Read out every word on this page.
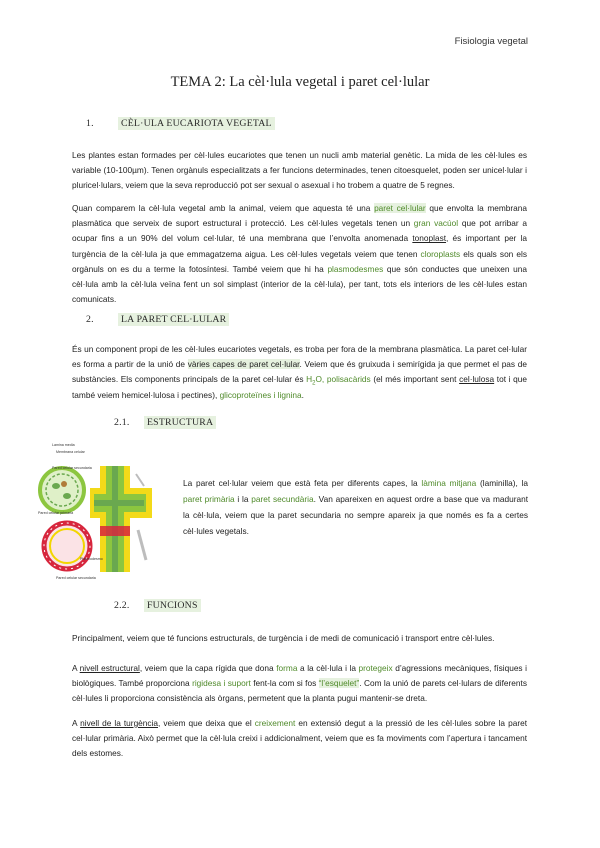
Fisiologia vegetal
TEMA 2: La cèl·lula vegetal i paret cel·lular
1.	CÈL·ULA EUCARIOTA VEGETAL

Les plantes estan formades per cèl·lules eucariotes que tenen un nucli amb material genètic. La mida de les cèl·lules es variable (10-100µm). Tenen orgànuls especialitzats a fer funcions determinades, tenen citoesquelet, poden ser unicel·lular i pluricel·lulars, veiem que la seva reproducció pot ser sexual o asexual i ho trobem a quatre de 5 regnes.

Quan comparem la cèl·lula vegetal amb la animal, veiem que aquesta té una paret cel·lular que envolta la membrana plasmàtica que serveix de suport estructural i protecció. Les cèl·lules vegetals tenen un gran vacúol que pot arribar a ocupar fins a un 90% del volum cel·lular, té una membrana que l’envolta anomenada tonoplast, és important per la turgència de la cèl·lula ja que emmagatzema aigua. Les cèl·lules vegetals veiem que tenen cloroplasts els quals son els orgànuls on es du a terme la fotosíntesi. També veiem que hi ha plasmodesmes que són conductes que uneixen una cèl·lula amb la cèl·lula veïna fent un sol simplast (interior de la cèl·lula), per tant, tots els interiors de les cèl·lules estan comunicats.

2.	LA PARET CEL·LULAR

És un component propi de les cèl·lules eucariotes vegetals, es troba per fora de la membrana plasmàtica. La paret cel·lular es forma a partir de la unió de vàries capes de paret cel·lular. Veiem que és gruixuda i semirígida ja que permet el pas de substàncies. Els components principals de la paret cel·lular és $H_2O$, polisacàrids (el més important sent cel·lulosa tot i que també veiem hemicel·lulosa i pectines), glicoproteïnes i lignina.

2.1.	ESTRUCTURA
Lamina media
Membrana celular
Pared celular secundaria
Pared celular primaria
Plasmodesmo
Pared celular secundaria

La paret cel·lular veiem que està feta per diferents capes, la làmina mitjana (laminilla), la paret primària i la paret secundària. Van apareixen en aquest ordre a base que va madurant la cèl·lula, veiem que la paret secundaria no sempre apareix ja que només es fa a certes cèl·lules vegetals.

2.2.	FUNCIONS

Principalment, veiem que té funcions estructurals, de turgència i de medi de comunicació i transport entre cèl·lules.

A nivell estructural, veiem que la capa rígida que dona forma a la cèl·lula i la protegeix d’agressions mecàniques, físiques i biològiques. També proporciona rigidesa i suport fent-la com si fos “l’esquelet”. Com la unió de parets cel·lulars de diferents cèl·lules li proporciona consistència als òrgans, permetent que la planta pugui mantenir-se dreta.

A nivell de la turgència, veiem que deixa que el creixement en extensió degut a la pressió de les cèl·lules sobre la paret cel·lular primària. Això permet que la cèl·lula creixi i addicionalment, veiem que es fa moviments com l’apertura i tancament dels estomes.
